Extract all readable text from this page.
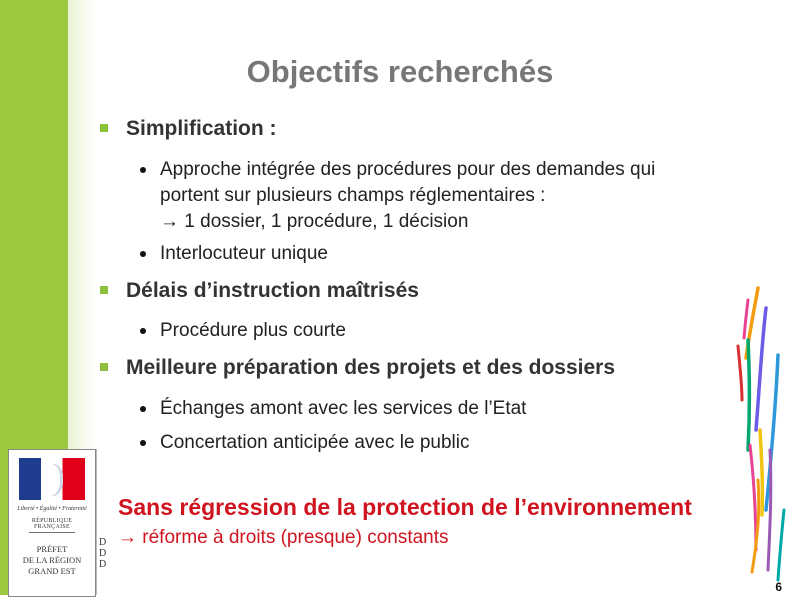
Objectifs recherchés
Simplification :
Approche intégrée des procédures pour des demandes qui
portent sur plusieurs champs réglementaires :
→ 1 dossier, 1 procédure, 1 décision
Interlocuteur unique
Délais d’instruction maîtrisés
Procédure plus courte
Meilleure préparation des projets et des dossiers
Échanges amont avec les services de l’Etat
Concertation anticipée avec le public
Liberté • Égalité • Fraternité
RÉPUBLIQUE FRANÇAISE
PRÉFET
DE LA RÉGION
GRAND EST
D
D
D
Sans régression de la protection de l’environnement
→ réforme à droits (presque) constants
6
